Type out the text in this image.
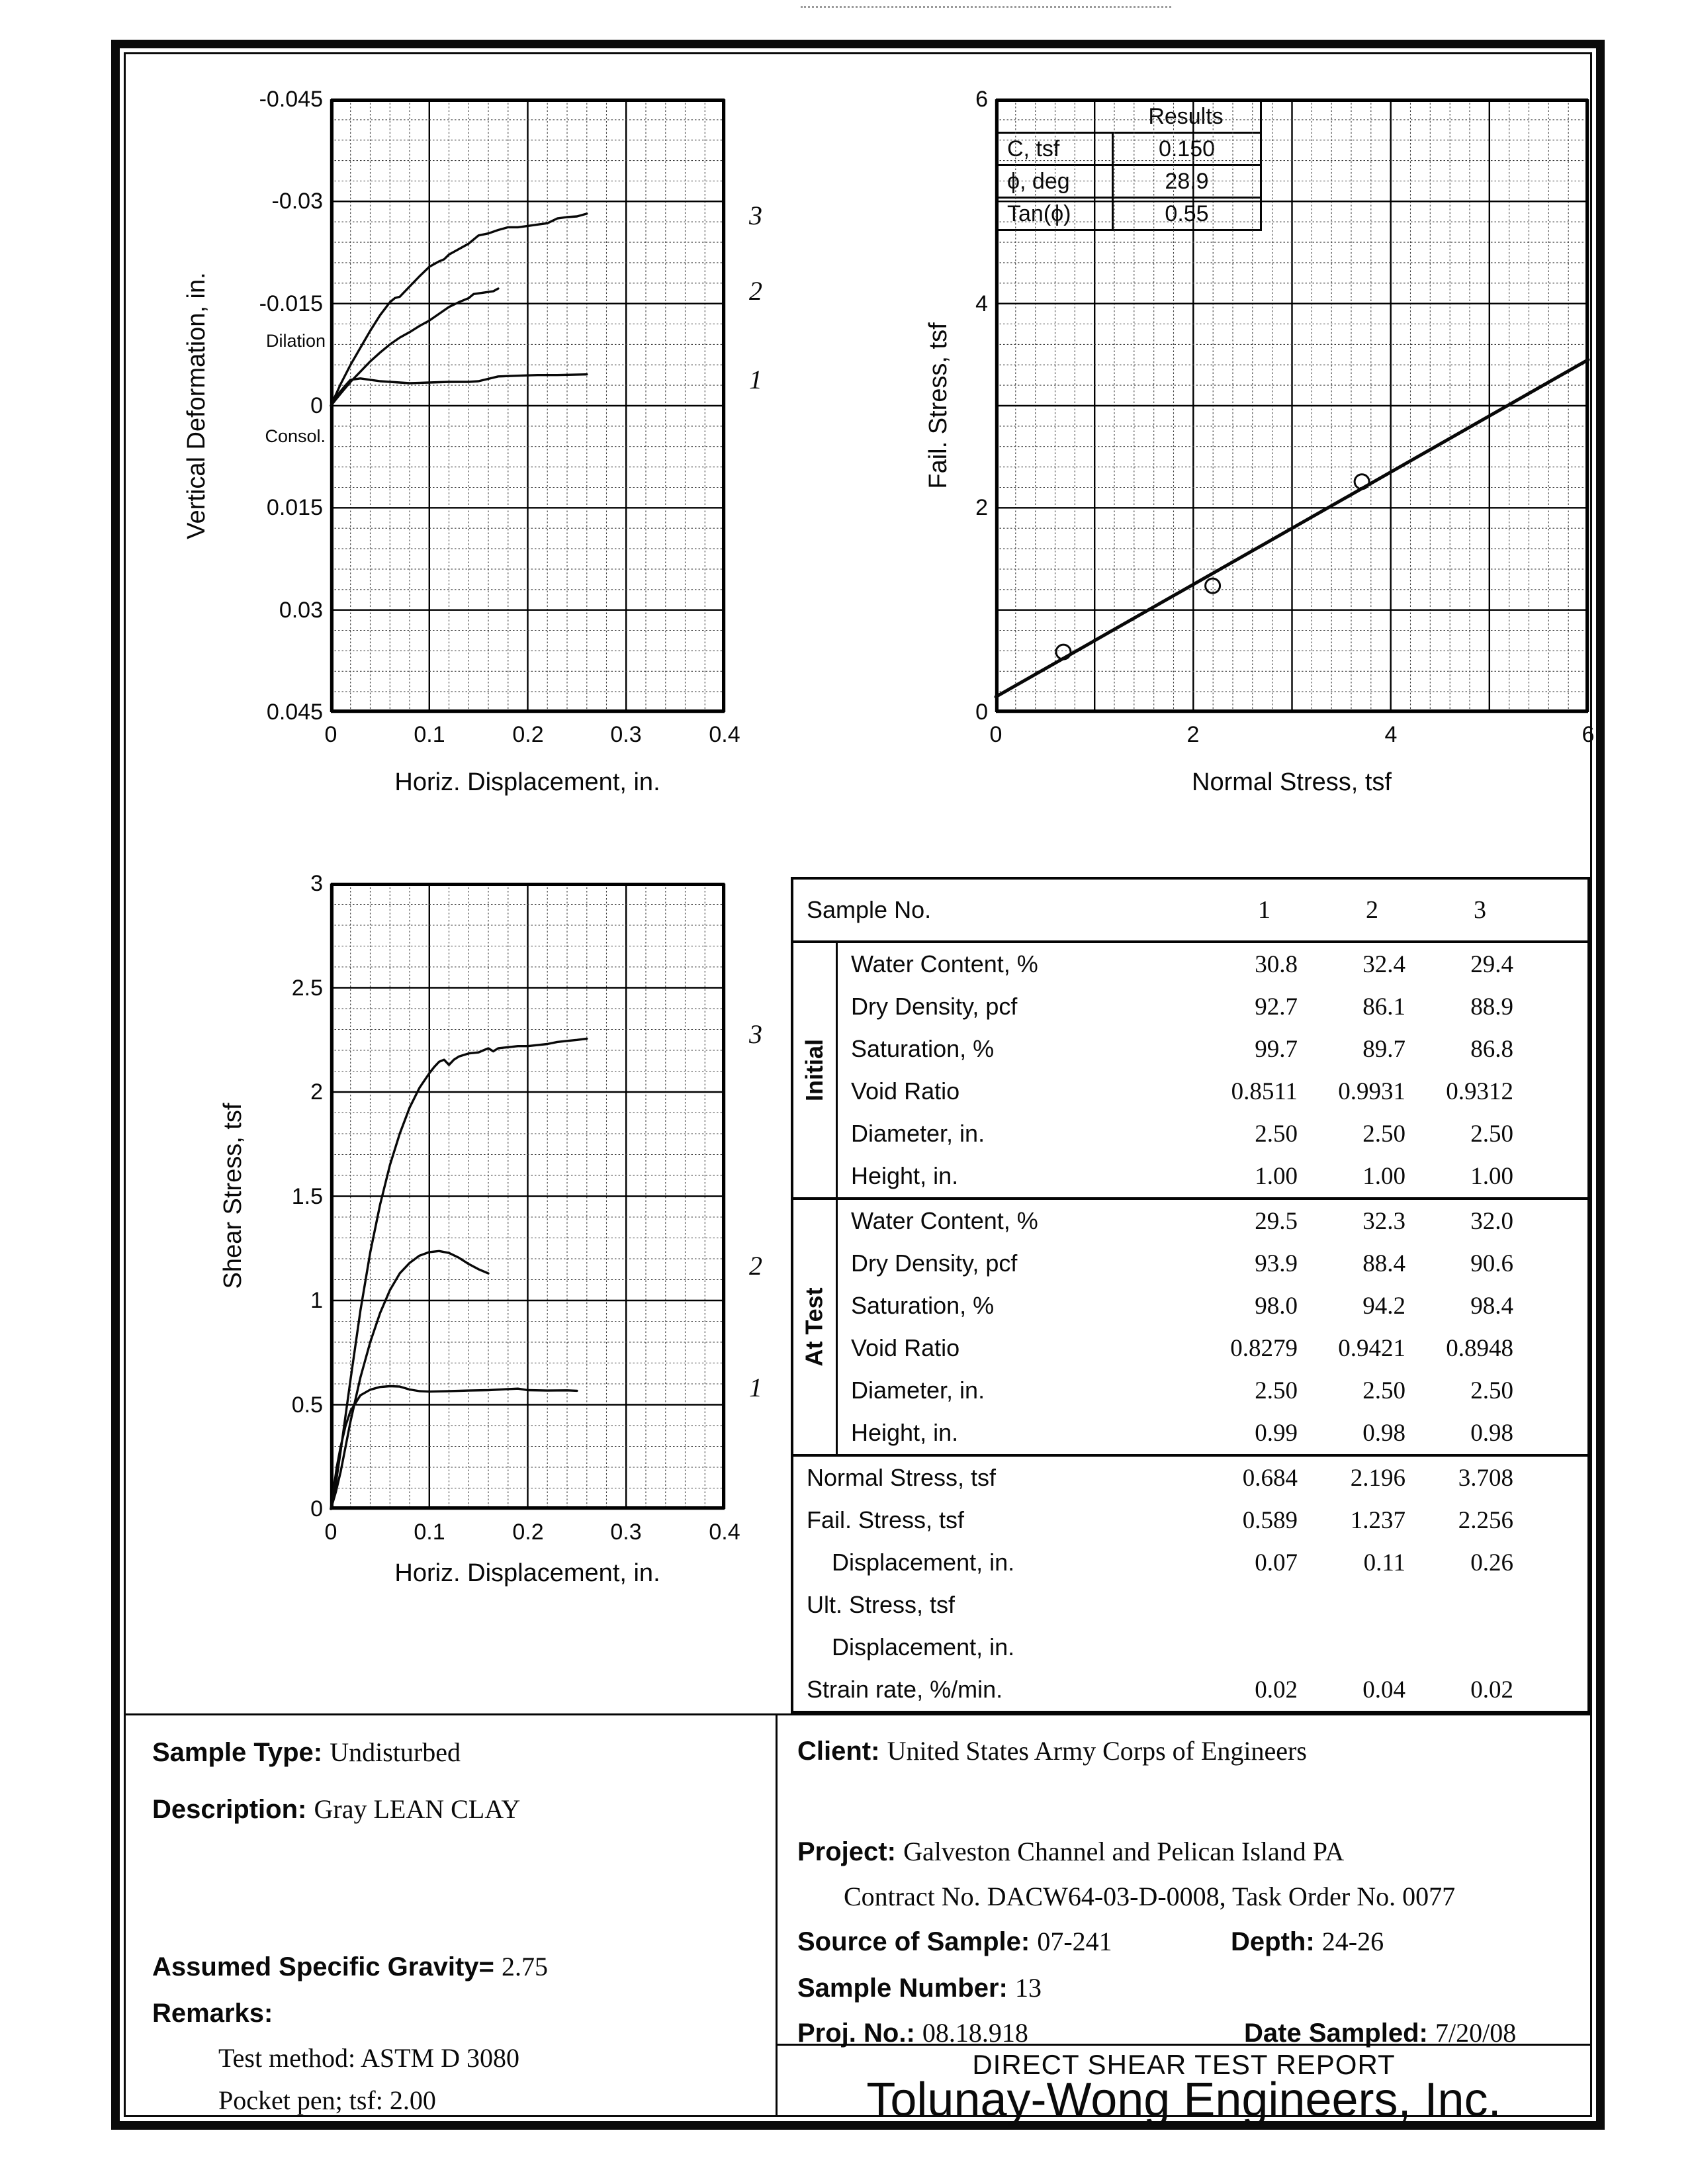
Results
C, tsf	0.150
ϕ, deg	28.9
Tan(ϕ)	0.55
Sample No.	1	2	3
Initial
Water Content, %	30.8	32.4	29.4
Dry Density, pcf	92.7	86.1	88.9
Saturation, %	99.7	89.7	86.8
Void Ratio	0.8511	0.9931	0.9312
Diameter, in.	2.50	2.50	2.50
Height, in.	1.00	1.00	1.00
At Test
Water Content, %	29.5	32.3	32.0
Dry Density, pcf	93.9	88.4	90.6
Saturation, %	98.0	94.2	98.4
Void Ratio	0.8279	0.9421	0.8948
Diameter, in.	2.50	2.50	2.50
Height, in.	0.99	0.98	0.98
Normal Stress, tsf	0.684	2.196	3.708
Fail. Stress, tsf	0.589	1.237	2.256
Displacement, in.	0.07	0.11	0.26
Ult. Stress, tsf
Displacement, in.
Strain rate, %/min.	0.02	0.04	0.02
Sample Type: Undisturbed
Description: Gray LEAN CLAY
Assumed Specific Gravity= 2.75
Remarks:
Test method: ASTM D 3080
Pocket pen; tsf: 2.00
Client: United States Army Corps of Engineers
Project: Galveston Channel and Pelican Island PA
Contract No. DACW64-03-D-0008, Task Order No. 0077
Source of Sample: 07-241	Depth: 24-26
Sample Number: 13
Proj. No.: 08.18.918	Date Sampled: 7/20/08
DIRECT SHEAR TEST REPORT
Tolunay-Wong Engineers, Inc.
0	0.1	0.2	0.3	0.4
-0.045
-0.03
-0.015
0
0.015
0.03
0.045
Horiz. Displacement, in.
Vertical Deformation, in.	Dilation
Consol.
1
2
3
0	2	4	6
0
2
4
6
Normal Stress, tsf
Fail. Stress, tsf
0	0.1	0.2	0.3	0.4
0
0.5
1
1.5
2
2.5
3
Horiz. Displacement, in.
Shear Stress, tsf
1
2
3
